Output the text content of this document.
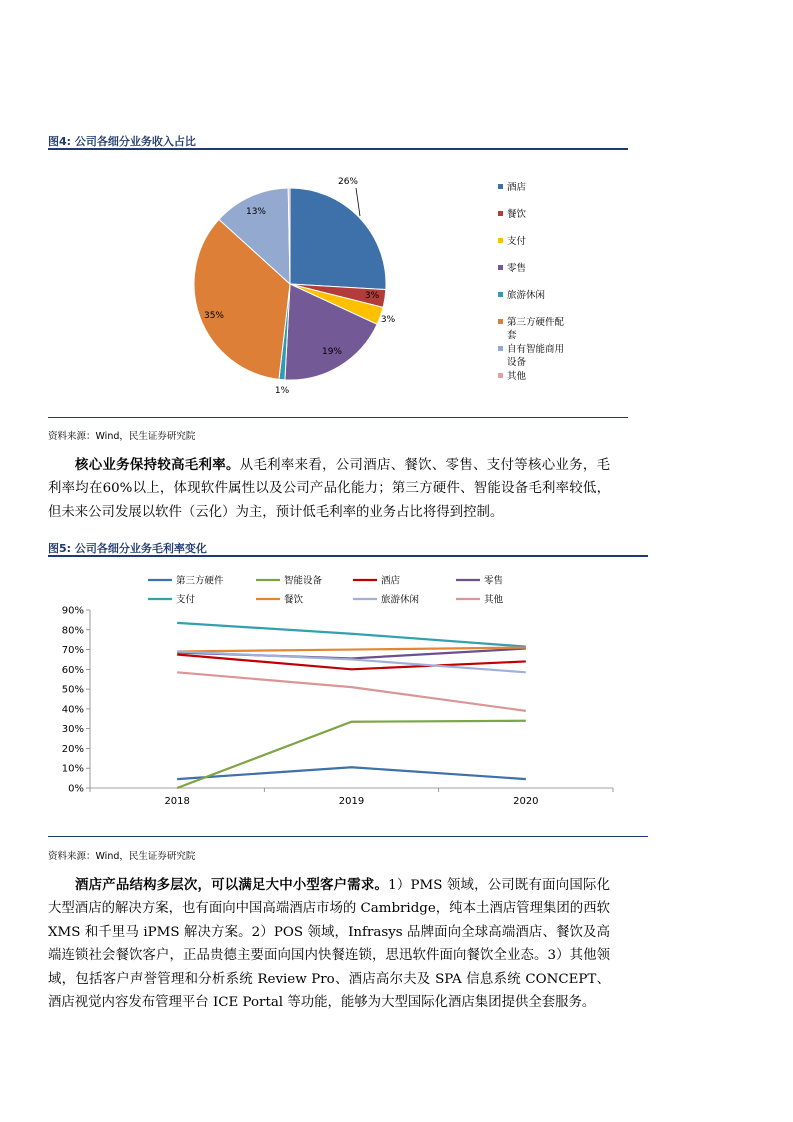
图4: 公司各细分业务收入占比
26%
3%
3%
19%
1%
35%
13%
酒店
餐饮
支付
零售
旅游休闲
第三方硬件配套
自有智能商用设备
其他
资料来源：Wind，民生证券研究院

核心业务保持较高毛利率。从毛利率来看，公司酒店、餐饮、零售、支付等核心业务，毛利率均在60%以上，体现软件属性以及公司产品化能力；第三方硬件、智能设备毛利率较低，但未来公司发展以软件（云化）为主，预计低毛利率的业务占比将得到控制。

图5: 公司各细分业务毛利率变化
第三方硬件	智能设备	酒店	零售
支付	餐饮	旅游休闲	其他
0%
10%
20%
30%
40%
50%
60%
70%
80%
90%
2018	2019	2020
资料来源：Wind，民生证券研究院

酒店产品结构多层次，可以满足大中小型客户需求。1）PMS 领域，公司既有面向国际化大型酒店的解决方案，也有面向中国高端酒店市场的 Cambridge，纯本土酒店管理集团的西软 XMS 和千里马 iPMS 解决方案。2）POS 领域，Infrasys 品牌面向全球高端酒店、餐饮及高端连锁社会餐饮客户，正品贵德主要面向国内快餐连锁，思迅软件面向餐饮全业态。3）其他领域，包括客户声誉管理和分析系统 Review Pro、酒店高尔夫及 SPA 信息系统 CONCEPT、酒店视觉内容发布管理平台 ICE Portal 等功能，能够为大型国际化酒店集团提供全套服务。
